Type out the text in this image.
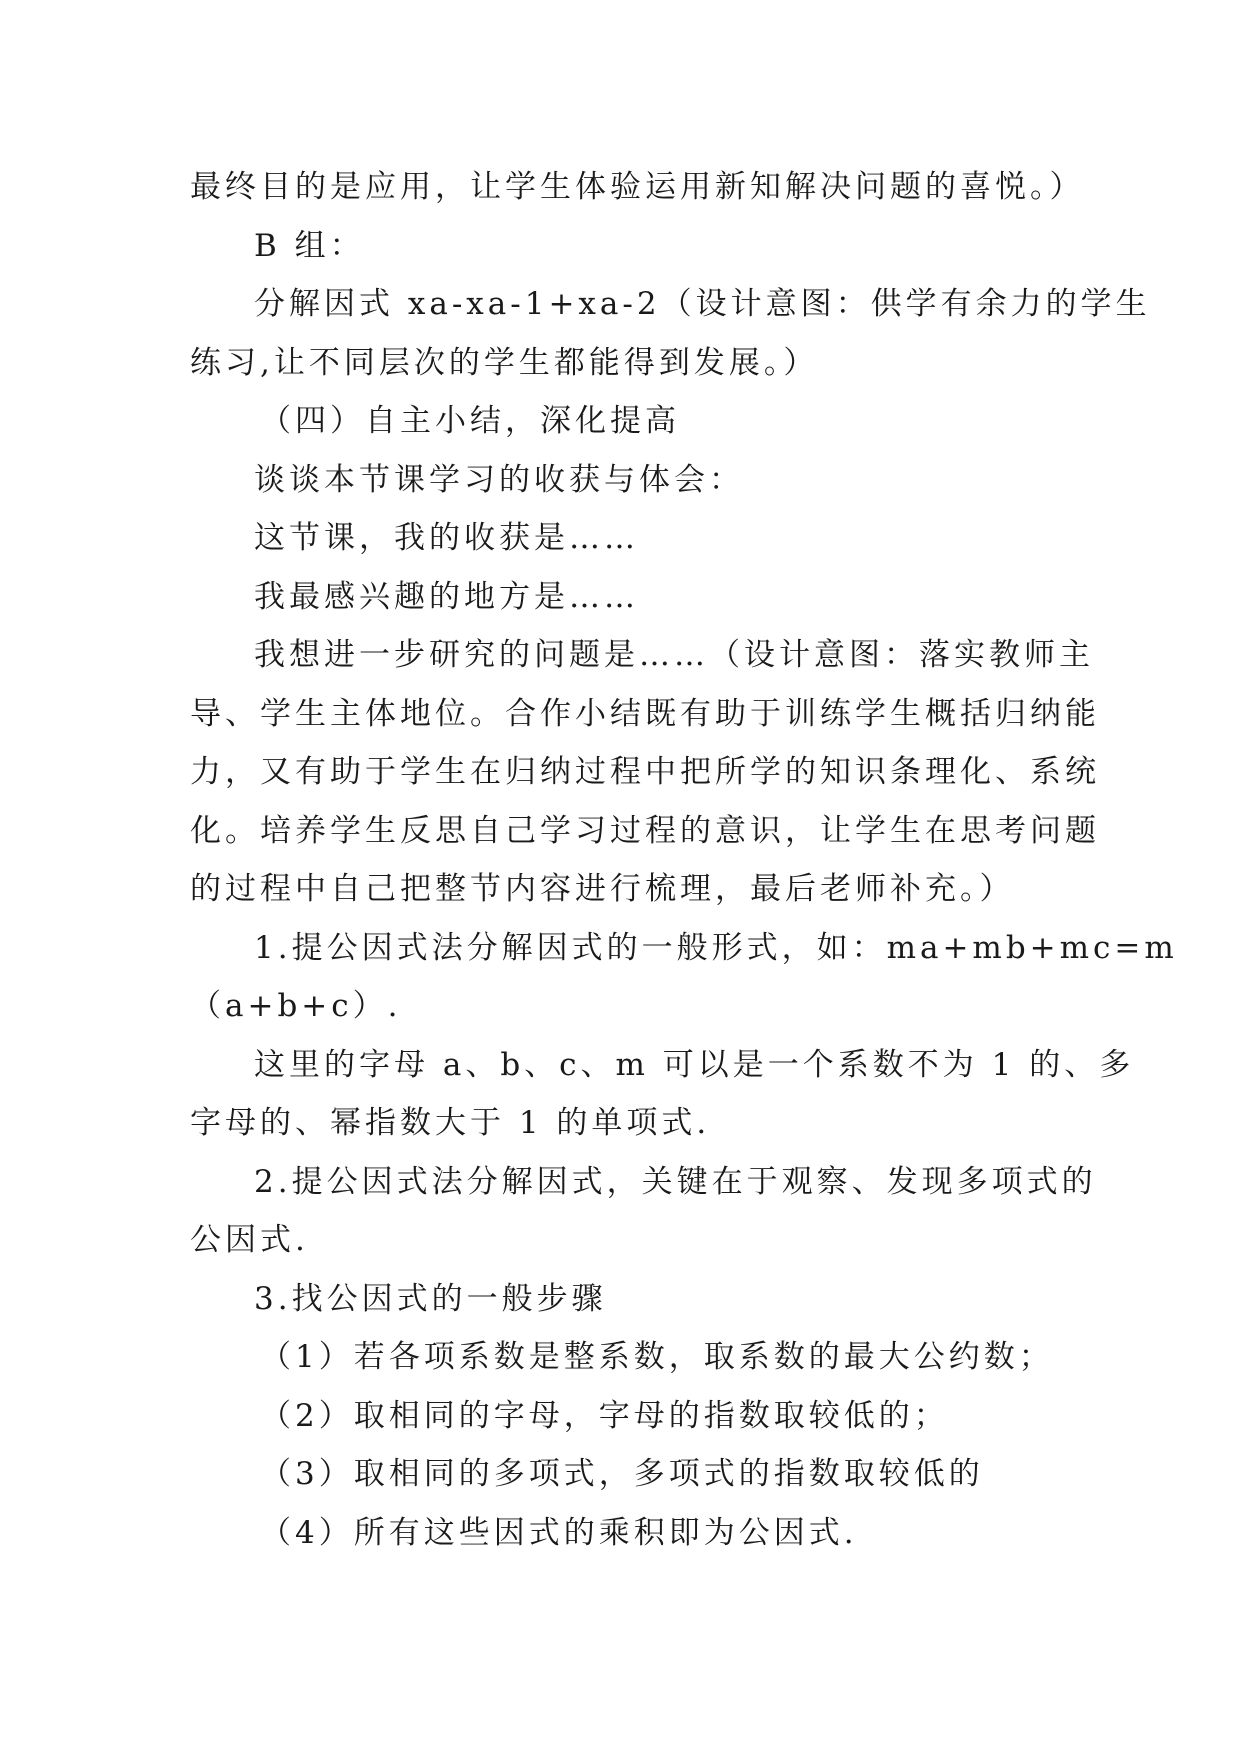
最终目的是应用，让学生体验运用新知解决问题的喜悦。）
B 组：
分解因式 xa-xa-1+xa-2（设计意图：供学有余力的学生
练习,让不同层次的学生都能得到发展。）
（四）自主小结，深化提高
谈谈本节课学习的收获与体会：
这节课，我的收获是……
我最感兴趣的地方是……
我想进一步研究的问题是……（设计意图：落实教师主
导、学生主体地位。合作小结既有助于训练学生概括归纳能
力，又有助于学生在归纳过程中把所学的知识条理化、系统
化。培养学生反思自己学习过程的意识，让学生在思考问题
的过程中自己把整节内容进行梳理，最后老师补充。）
1.提公因式法分解因式的一般形式，如：ma+mb+mc=m
（a+b+c）.
这里的字母 a、b、c、m 可以是一个系数不为 1 的、多
字母的、幂指数大于 1 的单项式.
2.提公因式法分解因式，关键在于观察、发现多项式的
公因式.
3.找公因式的一般步骤
（1）若各项系数是整系数，取系数的最大公约数；
（2）取相同的字母，字母的指数取较低的；
（3）取相同的多项式，多项式的指数取较低的
（4）所有这些因式的乘积即为公因式.
